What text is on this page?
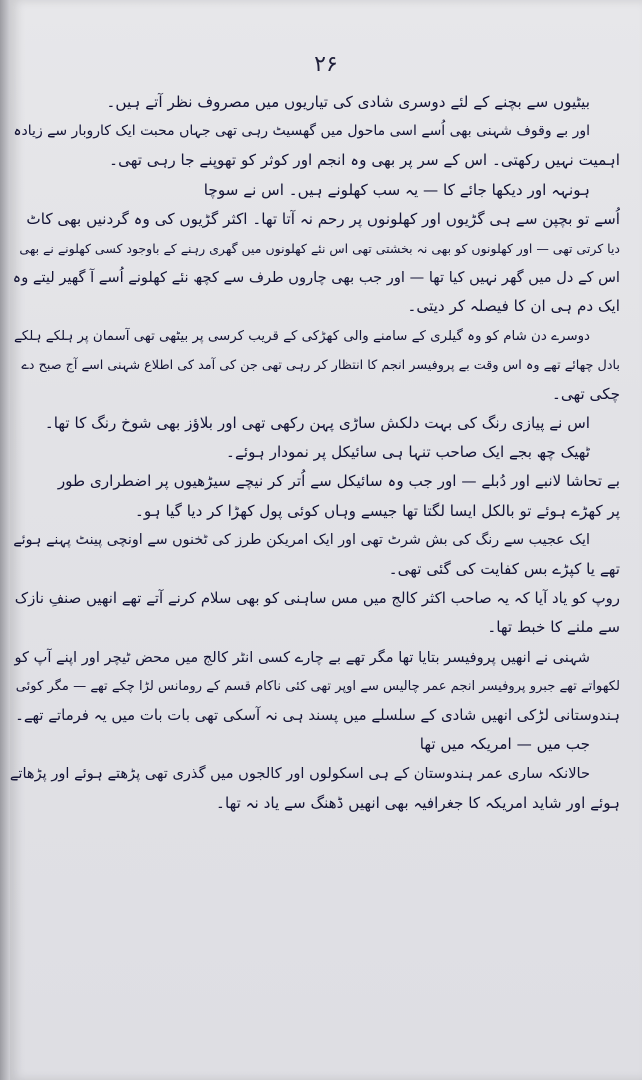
۲۶
بیٹیوں سے بچنے کے لئے دوسری شادی کی تیاریوں میں مصروف نظر آتے ہیں۔
اور بے وقوف شہنی بھی اُسے اسی ماحول میں گھسیٹ رہی تھی جہاں محبت ایک کاروبار سے زیادہ
اہمیت نہیں رکھتی۔ اس کے سر پر بھی وہ انجم اور کوثر کو تھوپنے جا رہی تھی۔
ہونہہ اور دیکھا جائے کا — یہ سب کھلونے ہیں۔ اس نے سوچا
اُسے تو بچپن سے ہی گڑیوں اور کھلونوں پر رحم نہ آتا تھا۔ اکثر گڑیوں کی وہ گردنیں بھی کاٹ
دیا کرتی تھی — اور کھلونوں کو بھی نہ بخشتی تھی اس نئے کھلونوں میں گھری رہنے کے باوجود کسی کھلونے نے بھی
اس کے دل میں گھر نہیں کیا تھا — اور جب بھی چاروں طرف سے کچھ نئے کھلونے اُسے آ گھیر لیتے وہ
ایک دم ہی ان کا فیصلہ کر دیتی۔
دوسرے دن شام کو وہ گیلری کے سامنے والی کھڑکی کے قریب کرسی پر بیٹھی تھی آسمان پر ہلکے ہلکے
بادل چھائے تھے وہ اس وقت بے پروفیسر انجم کا انتظار کر رہی تھی جن کی آمد کی اطلاع شہنی اسے آج صبح دے
چکی تھی۔
اس نے پیازی رنگ کی بہت دلکش ساڑی پہن رکھی تھی اور بلاؤز بھی شوخ رنگ کا تھا۔
ٹھیک چھ بجے ایک صاحب تنہا ہی سائیکل پر نمودار ہوئے۔
بے تحاشا لانبے اور دُبلے — اور جب وہ سائیکل سے اُتر کر نیچے سیڑھیوں پر اضطراری طور
پر کھڑے ہوئے تو بالکل ایسا لگتا تھا جیسے وہاں کوئی پول کھڑا کر دیا گیا ہو۔
ایک عجیب سے رنگ کی بش شرٹ تھی اور ایک امریکن طرز کی ٹخنوں سے اونچی پینٹ پہنے ہوئے
تھے یا کپڑے بس کفایت کی گئی تھی۔
روپ کو یاد آیا کہ یہ صاحب اکثر کالج میں مس ساہنی کو بھی سلام کرنے آتے تھے انھیں صنفِ نازک
سے ملنے کا خبط تھا۔
شہنی نے انھیں پروفیسر بتایا تھا مگر تھے بے چارے کسی انٹر کالج میں محض ٹیچر اور اپنے آپ کو
لکھواتے تھے جبرو پروفیسر انجم عمر چالیس سے اوپر تھی کئی ناکام قسم کے رومانس لڑا چکے تھے — مگر کوئی
ہندوستانی لڑکی انھیں شادی کے سلسلے میں پسند ہی نہ آسکی تھی بات بات میں یہ فرماتے تھے۔
جب میں — امریکہ میں تھا
حالانکہ ساری عمر ہندوستان کے ہی اسکولوں اور کالجوں میں گذری تھی پڑھتے ہوئے اور پڑھاتے
ہوئے اور شاید امریکہ کا جغرافیہ بھی انھیں ڈھنگ سے یاد نہ تھا۔
